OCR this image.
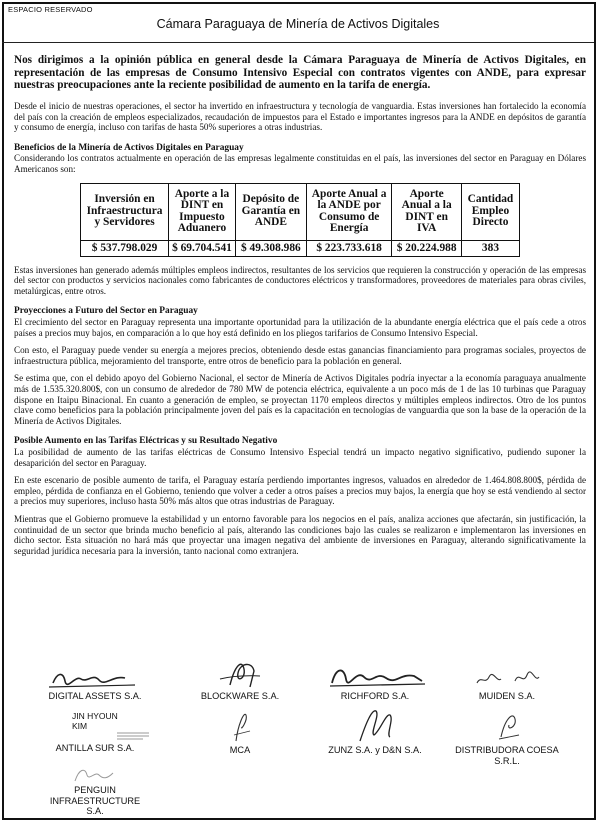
ESPACIO RESERVADO
Cámara Paraguaya de Minería de Activos Digitales

Nos dirigimos a la opinión pública en general desde la Cámara Paraguaya de Minería de Activos Digitales, en representación de las empresas de Consumo Intensivo Especial con contratos vigentes con ANDE, para expresar nuestras preocupaciones ante la reciente posibilidad de aumento en la tarifa de energía.

Desde el inicio de nuestras operaciones, el sector ha invertido en infraestructura y tecnología de vanguardia. Estas inversiones han fortalecido la economía del país con la creación de empleos especializados, recaudación de impuestos para el Estado e importantes ingresos para la ANDE en depósitos de garantía y consumo de energía, incluso con tarifas de hasta 50% superiores a otras industrias.

Beneficios de la Minería de Activos Digitales en Paraguay

Considerando los contratos actualmente en operación de las empresas legalmente constituidas en el país, las inversiones del sector en Paraguay en Dólares Americanos son:

Inversión en Infraestructura y Servidores	Aporte a la DINT en Impuesto Aduanero	Depósito de Garantía en ANDE	Aporte Anual a la ANDE por Consumo de Energía	Aporte Anual a la DINT en IVA	Cantidad Empleo Directo
$ 537.798.029	$ 69.704.541	$ 49.308.986	$ 223.733.618	$ 20.224.988	383

Estas inversiones han generado además múltiples empleos indirectos, resultantes de los servicios que requieren la construcción y operación de las empresas del sector con productos y servicios nacionales como fabricantes de conductores eléctricos y transformadores, proveedores de materiales para obras civiles, metalúrgicas, entre otros.

Proyecciones a Futuro del Sector en Paraguay

El crecimiento del sector en Paraguay representa una importante oportunidad para la utilización de la abundante energía eléctrica que el país cede a otros países a precios muy bajos, en comparación a lo que hoy está definido en los pliegos tarifarios de Consumo Intensivo Especial.

Con esto, el Paraguay puede vender su energía a mejores precios, obteniendo desde estas ganancias financiamiento para programas sociales, proyectos de infraestructura pública, mejoramiento del transporte, entre otros de beneficio para la población en general.

Se estima que, con el debido apoyo del Gobierno Nacional, el sector de Minería de Activos Digitales podría inyectar a la economía paraguaya anualmente más de 1.535.320.800$, con un consumo de alrededor de 780 MW de potencia eléctrica, equivalente a un poco más de 1 de las 10 turbinas que Paraguay dispone en Itaipu Binacional. En cuanto a generación de empleo, se proyectan 1170 empleos directos y múltiples empleos indirectos. Otro de los puntos clave como beneficios para la población principalmente joven del país es la capacitación en tecnologías de vanguardia que son la base de la operación de la Minería de Activos Digitales.

Posible Aumento en las Tarifas Eléctricas y su Resultado Negativo

La posibilidad de aumento de las tarifas eléctricas de Consumo Intensivo Especial tendrá un impacto negativo significativo, pudiendo suponer la desaparición del sector en Paraguay.

En este escenario de posible aumento de tarifa, el Paraguay estaría perdiendo importantes ingresos, valuados en alrededor de 1.464.808.800$, pérdida de empleo, pérdida de confianza en el Gobierno, teniendo que volver a ceder a otros países a precios muy bajos, la energía que hoy se está vendiendo al sector a precios muy superiores, incluso hasta 50% más altos que otras industrias de Paraguay.

Mientras que el Gobierno promueve la estabilidad y un entorno favorable para los negocios en el país, analiza acciones que afectarán, sin justificación, la continuidad de un sector que brinda mucho beneficio al país, alterando las condiciones bajo las cuales se realizaron e implementaron las inversiones en dicho sector. Esta situación no hará más que proyectar una imagen negativa del ambiente de inversiones en Paraguay, alterando significativamente la seguridad jurídica necesaria para la inversión, tanto nacional como extranjera.

DIGITAL ASSETS S.A.	BLOCKWARE S.A.	RICHFORD S.A.	MUIDEN S.A.
JIN HYOUN
KIM
ANTILLA SUR S.A.	MCA	ZUNZ S.A. y D&N S.A.	DISTRIBUDORA COESA S.R.L.
PENGUIN INFRAESTRUCTURE S.A.
